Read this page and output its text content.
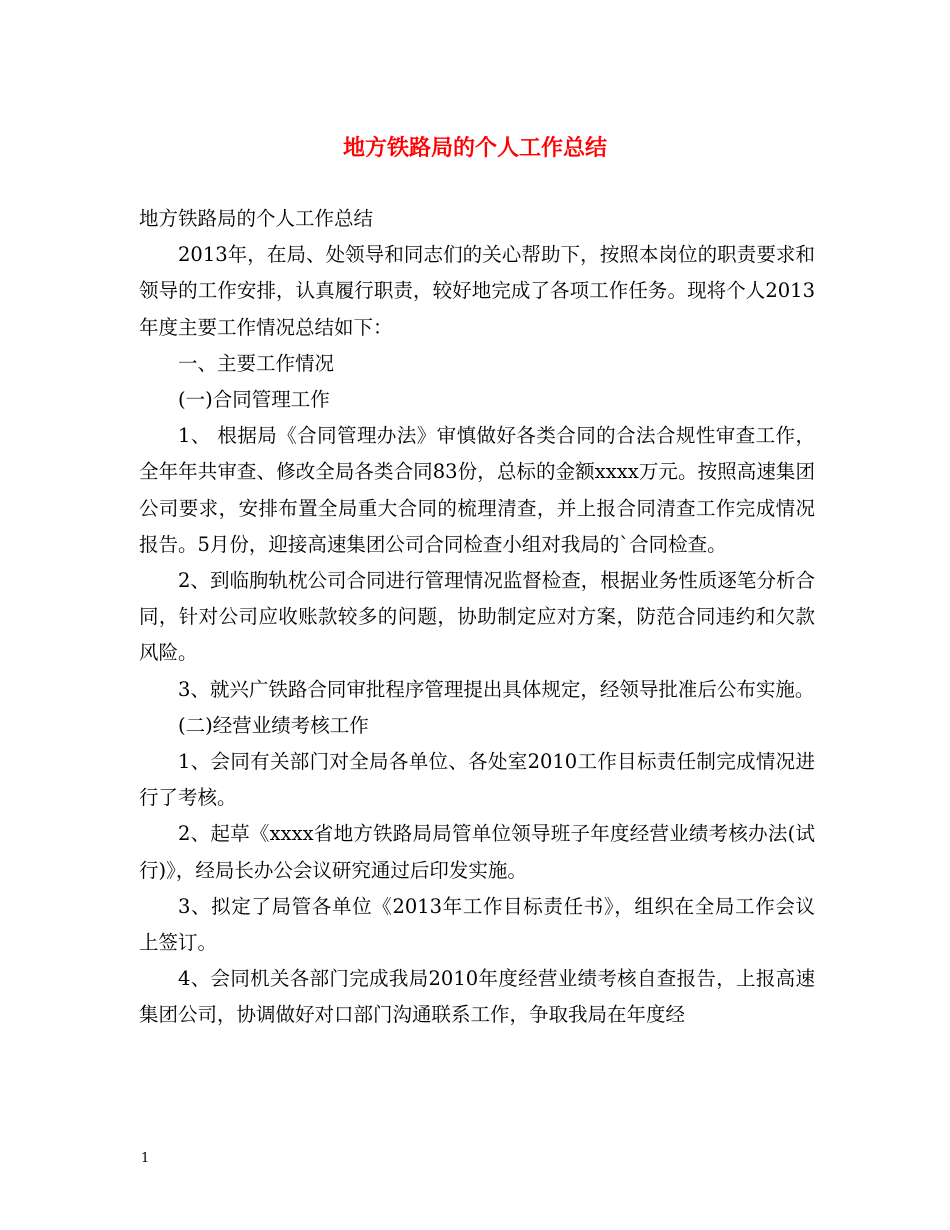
地方铁路局的个人工作总结

地方铁路局的个人工作总结

2013年，在局、处领导和同志们的关心帮助下，按照本岗位的职责要求和领导的工作安排，认真履行职责，较好地完成了各项工作任务。现将个人2013年度主要工作情况总结如下：

一、主要工作情况

(一)合同管理工作

1、 根据局《合同管理办法》审慎做好各类合同的合法合规性审查工作，全年年共审查、修改全局各类合同83份，总标的金额xxxx万元。按照高速集团公司要求，安排布置全局重大合同的梳理清查，并上报合同清查工作完成情况报告。5月份，迎接高速集团公司合同检查小组对我局的`合同检查。

2、到临朐轨枕公司合同进行管理情况监督检查，根据业务性质逐笔分析合同，针对公司应收账款较多的问题，协助制定应对方案，防范合同违约和欠款风险。

3、就兴广铁路合同审批程序管理提出具体规定，经领导批准后公布实施。

(二)经营业绩考核工作

1、会同有关部门对全局各单位、各处室2010工作目标责任制完成情况进行了考核。

2、起草《xxxx省地方铁路局局管单位领导班子年度经营业绩考核办法(试行)》，经局长办公会议研究通过后印发实施。

3、拟定了局管各单位《2013年工作目标责任书》，组织在全局工作会议上签订。

4、会同机关各部门完成我局2010年度经营业绩考核自查报告，上报高速集团公司，协调做好对口部门沟通联系工作，争取我局在年度经

1
